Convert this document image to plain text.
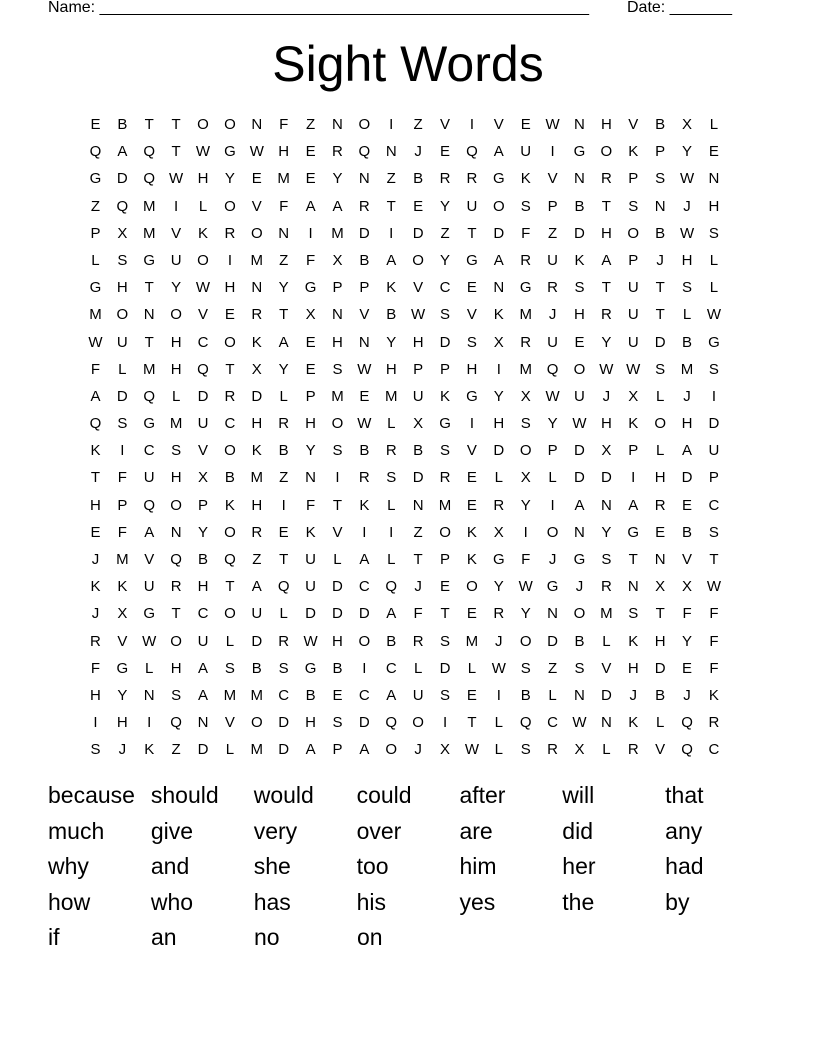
Name: _______________________________________________________ Date: _______
Sight Words
E	B	T	T	O	O	N	F	Z	N	O	I	Z	V	I	V	E W N	H	V	B	X	L
Q	A	Q	T	W G W H	E	R	Q	N	J	E	Q	A	U	I	G	O	K	P	Y	E
G	D	Q W H	Y	E	M	E	Y	N	Z	B	R	R	G	K	V	N	R	P	S W N
Z	Q M	I	L	O	V	F	A	A	R	T	E	Y	U	O	S	P	B	T	S	N	J	H
P	X	M	V	K	R	O	N	I	M	D	I	D	Z	T	D	F	Z	D	H	O	B W S
L	S	G	U	O	I	M	Z	F	X	B	A	O	Y	G	A	R	U	K	A	P	J	H	L
G	H	T	Y W H	N	Y	G	P	P	K	V	C	E	N	G	R	S	T	U	T	S	L
M O	N	O	V	E	R	T	X	N	V	B W S	V	K	M	J	H	R	U	T	L	W
W U	T	H	C	O	K	A	E	H	N	Y	H	D	S	X	R	U	E	Y	U	D	B	G
F	L	M	H	Q	T	X	Y	E	S W H	P	P	H	I	M Q	O W W S	M	S
A	D	Q	L	D	R	D	L	P	M	E	M	U	K	G	Y	X W U	J	X	L	J	I
Q	S	G M	U	C	H	R	H	O W	L	X	G	I	H	S	Y W H	K	O	H	D
K	I	C	S	V	O	K	B	Y	S	B	R	B	S	V	D	O	P	D	X	P	L	A	U
T	F	U	H	X	B	M	Z	N	I	R	S	D	R	E	L	X	L	D	D	I	H	D	P
H	P	Q	O	P	K	H	I	F	T	K	L	N	M	E	R	Y	I	A	N	A	R	E	C
E	F	A	N	Y	O	R	E	K	V	I	I	Z	O	K	X	I	O	N	Y	G	E	B	S
J	M	V	Q	B	Q	Z	T	U	L	A	L	T	P	K	G	F	J	G	S	T	N	V	T
K	K	U	R	H	T	A	Q	U	D	C	Q	J	E	O	Y W G	J	R	N	X	X W
J	X	G	T	C	O	U	L	D	D	D	A	F	T	E	R	Y	N	O M	S	T	F	F
R	V W O	U	L	D	R W H	O	B	R	S	M	J	O	D	B	L	K	H	Y	F
F	G	L	H	A	S	B	S	G	B	I	C	L	D	L	W S	Z	S	V	H	D	E	F
H	Y	N	S	A	M M	C	B	E	C	A	U	S	E	I	B	L	N	D	J	B	J	K
I	H	I	Q	N	V	O	D	H	S	D	Q	O	I	T	L	Q	C W N	K	L	Q	R
S	J	K	Z	D	L	M	D	A	P	A	O	J	X W	L	S	R	X	L	R	V	Q	C
because should	would	could	after	will	that
much	give	very	over	are	did	any
why	and	she	too	him	her	had
how	who	has	his	yes	the	by
if	an	no	on
